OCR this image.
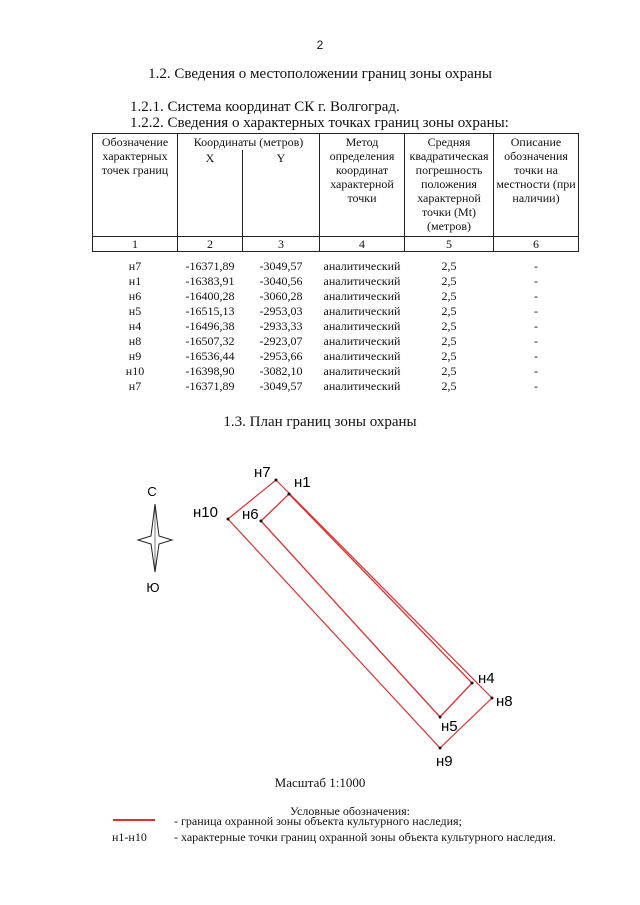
2
1.2. Сведения о местоположении границ зоны охраны
1.2.1. Система координат СК г. Волгоград.
1.2.2. Сведения о характерных точках границ зоны охраны:
Обозначение характерных точек границ	Координаты (метров)		Метод определения координат характерной точки	Средняя квадратическая погрешность положения характерной точки (Mt) (метров)	Описание обозначения точки на местности (при наличии)
	X	Y			
1	2	3	4	5	6

н7	-16371,89	-3049,57	аналитический	2,5	-
н1	-16383,91	-3040,56	аналитический	2,5	-
н6	-16400,28	-3060,28	аналитический	2,5	-
н5	-16515,13	-2953,03	аналитический	2,5	-
н4	-16496,38	-2933,33	аналитический	2,5	-
н8	-16507,32	-2923,07	аналитический	2,5	-
н9	-16536,44	-2953,66	аналитический	2,5	-
н10	-16398,90	-3082,10	аналитический	2,5	-
н7	-16371,89	-3049,57	аналитический	2,5	-
1.3. План границ зоны охраны
С
Ю
н7
н1
н10 н6
н4
н8
н5
н9
Масштаб 1:1000
Условные обозначения:
- граница охранной зоны объекта культурного наследия;
н1-н10 - характерные точки границ охранной зоны объекта культурного наследия.
